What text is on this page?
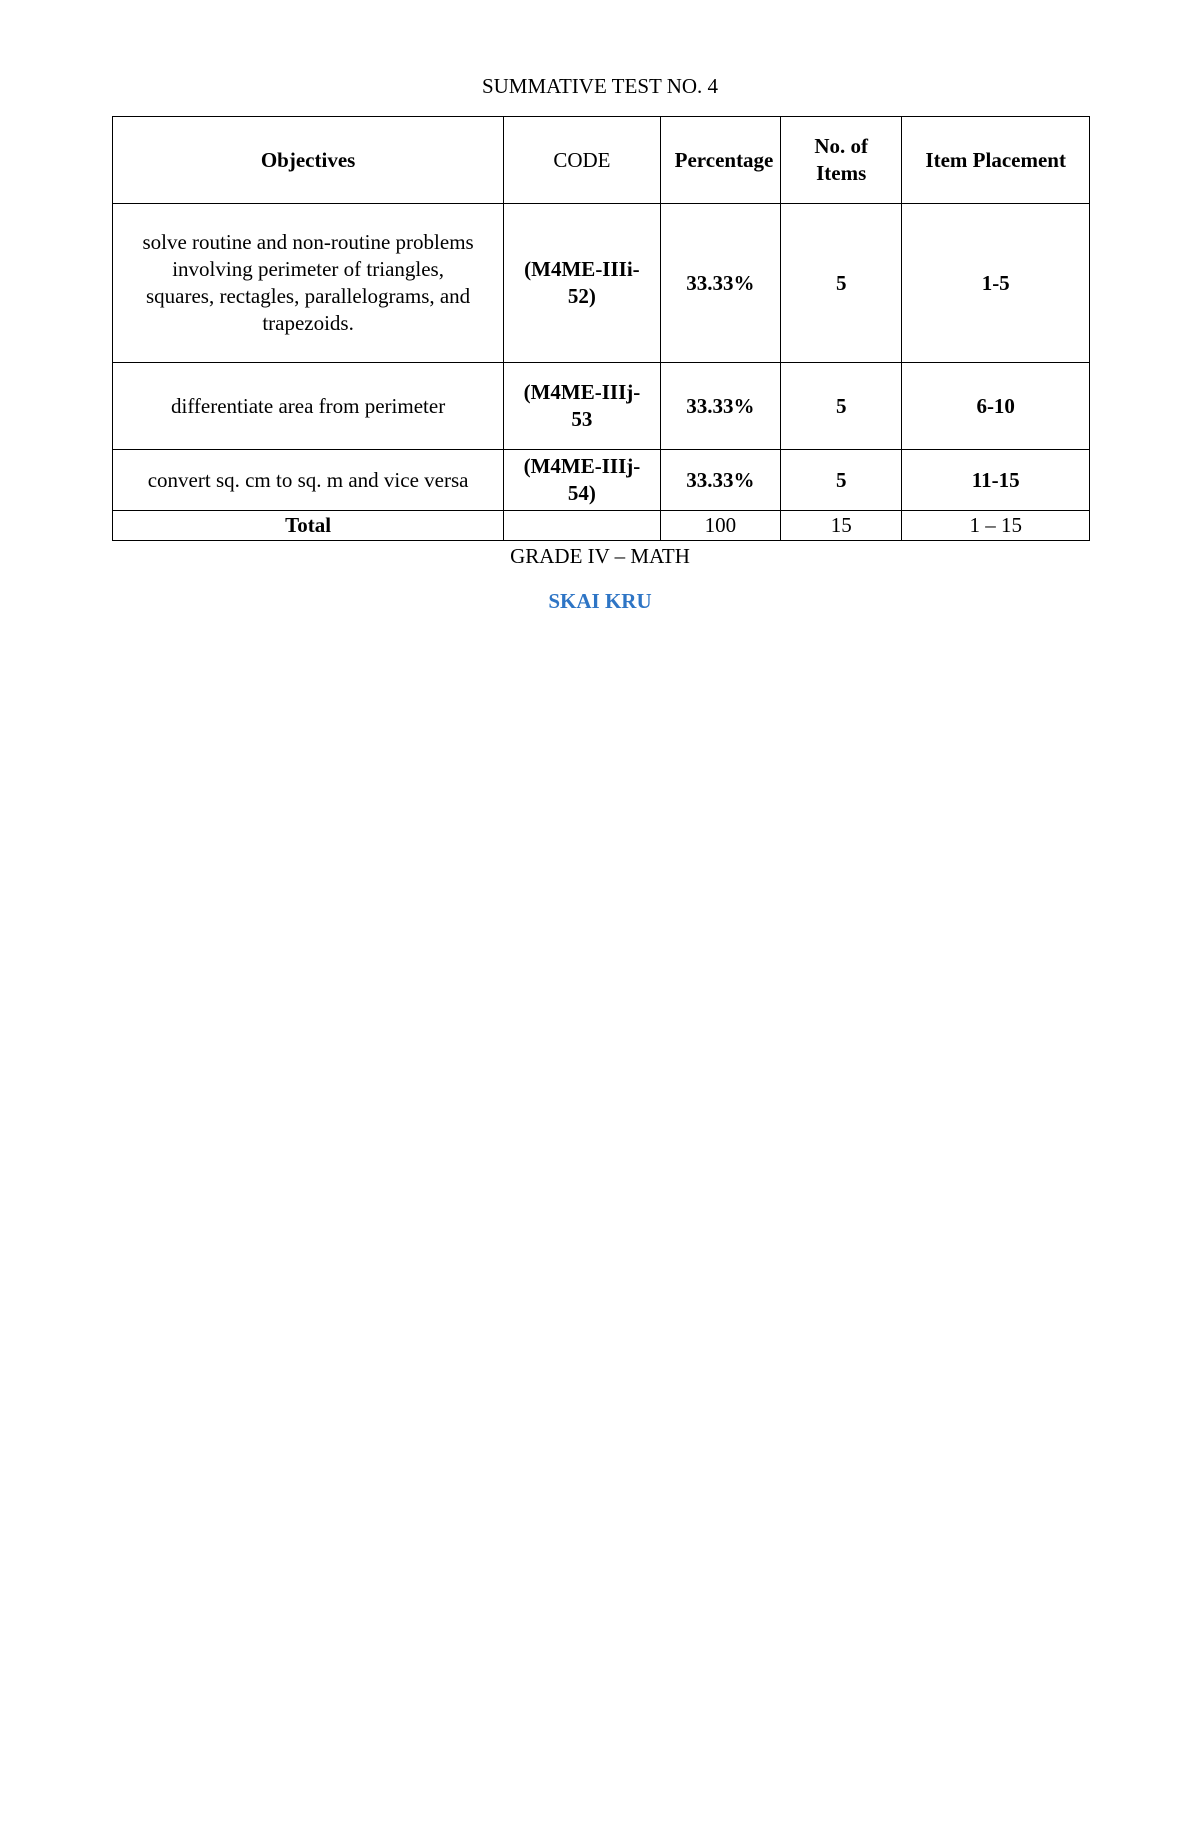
SUMMATIVE TEST NO. 4
Objectives	CODE	Percentage	No. of Items	Item Placement
solve routine and non-routine problems involving perimeter of triangles, squares, rectagles, parallelograms, and trapezoids.	(M4ME-IIIi-52)	33.33%	5	1-5
differentiate area from perimeter	(M4ME-IIIj-53	33.33%	5	6-10
convert sq. cm to sq. m and vice versa	(M4ME-IIIj-54)	33.33%	5	11-15
Total		100	15	1 – 15
GRADE IV – MATH
SKAI KRU
